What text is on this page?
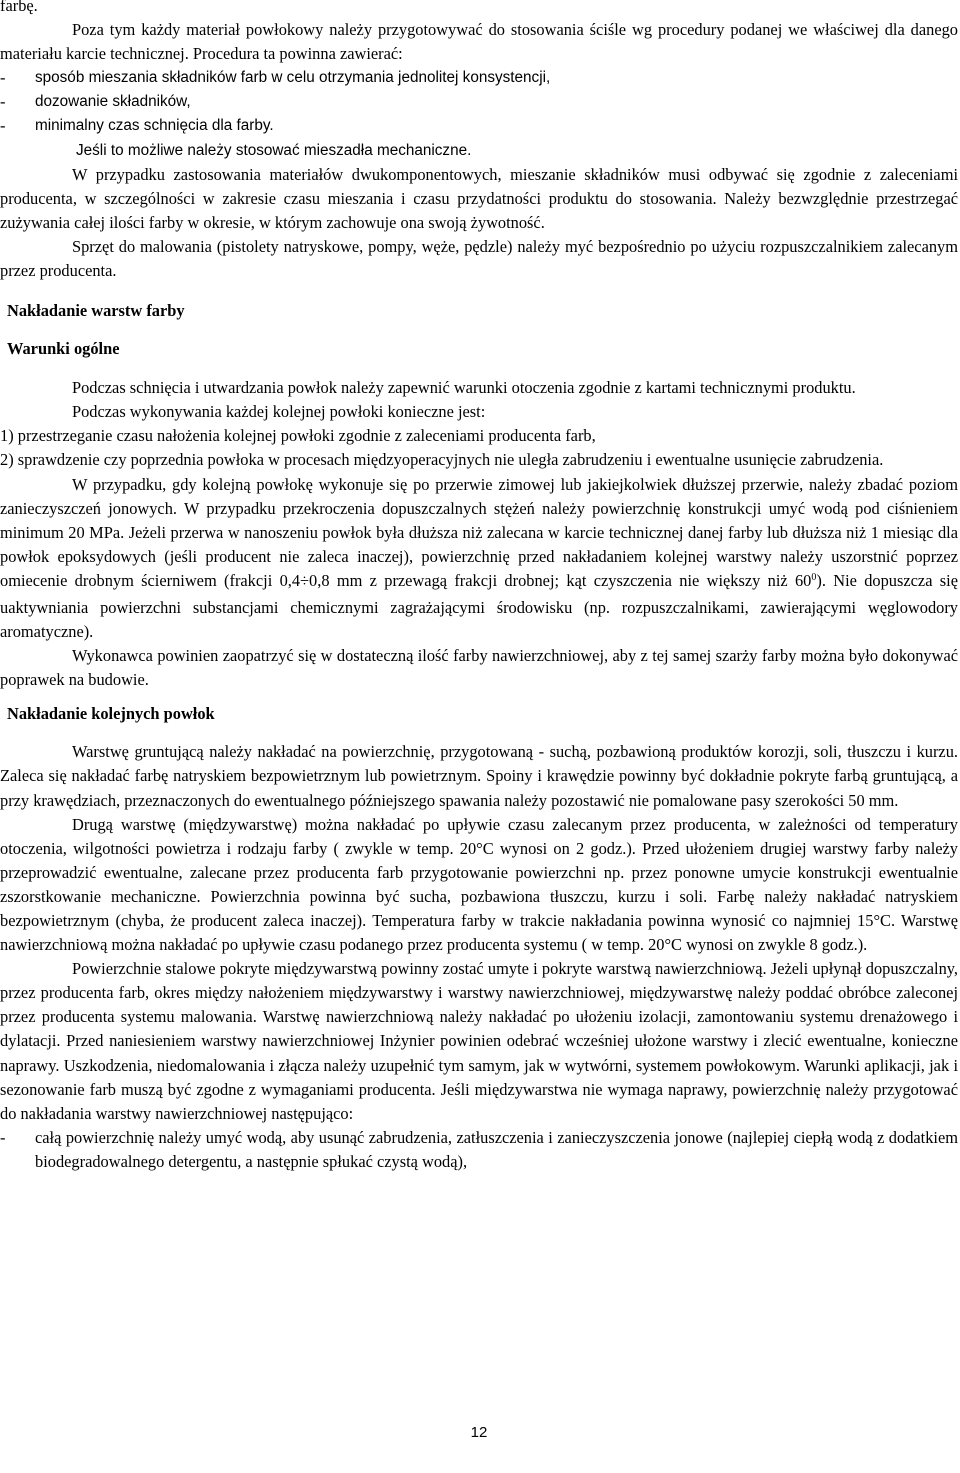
farbę.

Poza tym każdy materiał powłokowy należy przygotowywać do stosowania ściśle wg procedury podanej we właściwej dla danego materiału karcie technicznej. Procedura ta powinna zawierać:

-	sposób mieszania składników farb w celu otrzymania jednolitej konsystencji,
-	dozowanie składników,
-	minimalny czas schnięcia dla farby.

Jeśli to możliwe należy stosować mieszadła mechaniczne.

W przypadku zastosowania materiałów dwukomponentowych, mieszanie składników musi odbywać się zgodnie z zaleceniami producenta, w szczególności w zakresie czasu mieszania i czasu przydatności produktu do stosowania. Należy bezwzględnie przestrzegać zużywania całej ilości farby w okresie, w którym zachowuje ona swoją żywotność.

Sprzęt do malowania (pistolety natryskowe, pompy, węże, pędzle) należy myć bezpośrednio po użyciu rozpuszczalnikiem zalecanym przez producenta.

Nakładanie warstw farby
Warunki ogólne

Podczas schnięcia i utwardzania powłok należy zapewnić warunki otoczenia zgodnie z kartami technicznymi produktu.

Podczas wykonywania każdej kolejnej powłoki konieczne jest:

1) przestrzeganie czasu nałożenia kolejnej powłoki zgodnie z zaleceniami producenta farb,

2) sprawdzenie czy poprzednia powłoka w procesach międzyoperacyjnych nie uległa zabrudzeniu i ewentualne usunięcie zabrudzenia.

W przypadku, gdy kolejną powłokę wykonuje się po przerwie zimowej lub jakiejkolwiek dłuższej przerwie, należy zbadać poziom zanieczyszczeń jonowych. W przypadku przekroczenia dopuszczalnych stężeń należy powierzchnię konstrukcji umyć wodą pod ciśnieniem minimum 20 MPa. Jeżeli przerwa w nanoszeniu powłok była dłuższa niż zalecana w karcie technicznej danej farby lub dłuższa niż 1 miesiąc dla powłok epoksydowych (jeśli producent nie zaleca inaczej), powierzchnię przed nakładaniem kolejnej warstwy należy uszorstnić poprzez omiecenie drobnym ścierniwem (frakcji 0,4÷0,8 mm z przewagą frakcji drobnej; kąt czyszczenia nie większy niż $60^0$). Nie dopuszcza się uaktywniania powierzchni substancjami chemicznymi zagrażającymi środowisku (np. rozpuszczalnikami, zawierającymi węglowodory aromatyczne).

Wykonawca powinien zaopatrzyć się w dostateczną ilość farby nawierzchniowej, aby z tej samej szarży farby można było dokonywać poprawek na budowie.

Nakładanie kolejnych powłok

Warstwę gruntującą należy nakładać na powierzchnię, przygotowaną - suchą, pozbawioną produktów korozji, soli, tłuszczu i kurzu. Zaleca się nakładać farbę natryskiem bezpowietrznym lub powietrznym. Spoiny i krawędzie powinny być dokładnie pokryte farbą gruntującą, a przy krawędziach, przeznaczonych do ewentualnego późniejszego spawania należy pozostawić nie pomalowane pasy szerokości 50 mm.

Drugą warstwę (międzywarstwę) można nakładać po upływie czasu zalecanym przez producenta, w zależności od temperatury otoczenia, wilgotności powietrza i rodzaju farby ( zwykle w temp. 20°C wynosi on 2 godz.). Przed ułożeniem drugiej warstwy farby należy przeprowadzić ewentualne, zalecane przez producenta farb przygotowanie powierzchni np. przez ponowne umycie konstrukcji ewentualnie zszorstkowanie mechaniczne. Powierzchnia powinna być sucha, pozbawiona tłuszczu, kurzu i soli. Farbę należy nakładać natryskiem bezpowietrznym (chyba, że producent zaleca inaczej). Temperatura farby w trakcie nakładania powinna wynosić co najmniej 15°C. Warstwę nawierzchniową można nakładać po upływie czasu podanego przez producenta systemu ( w temp. 20°C wynosi on zwykle 8 godz.).

Powierzchnie stalowe pokryte międzywarstwą powinny zostać umyte i pokryte warstwą nawierzchniową. Jeżeli upłynął dopuszczalny, przez producenta farb, okres między nałożeniem międzywarstwy i warstwy nawierzchniowej, międzywarstwę należy poddać obróbce zaleconej przez producenta systemu malowania. Warstwę nawierzchniową należy nakładać po ułożeniu izolacji, zamontowaniu systemu drenażowego i dylatacji. Przed naniesieniem warstwy nawierzchniowej Inżynier powinien odebrać wcześniej ułożone warstwy i zlecić ewentualne, konieczne naprawy. Uszkodzenia, niedomalowania i złącza należy uzupełnić tym samym, jak w wytwórni, systemem powłokowym. Warunki aplikacji, jak i sezonowanie farb muszą być zgodne z wymaganiami producenta. Jeśli międzywarstwa nie wymaga naprawy, powierzchnię należy przygotować do nakładania warstwy nawierzchniowej następująco:

-	całą powierzchnię należy umyć wodą, aby usunąć zabrudzenia, zatłuszczenia i zanieczyszczenia jonowe (najlepiej ciepłą wodą z dodatkiem biodegradowalnego detergentu, a następnie spłukać czystą wodą),
12
